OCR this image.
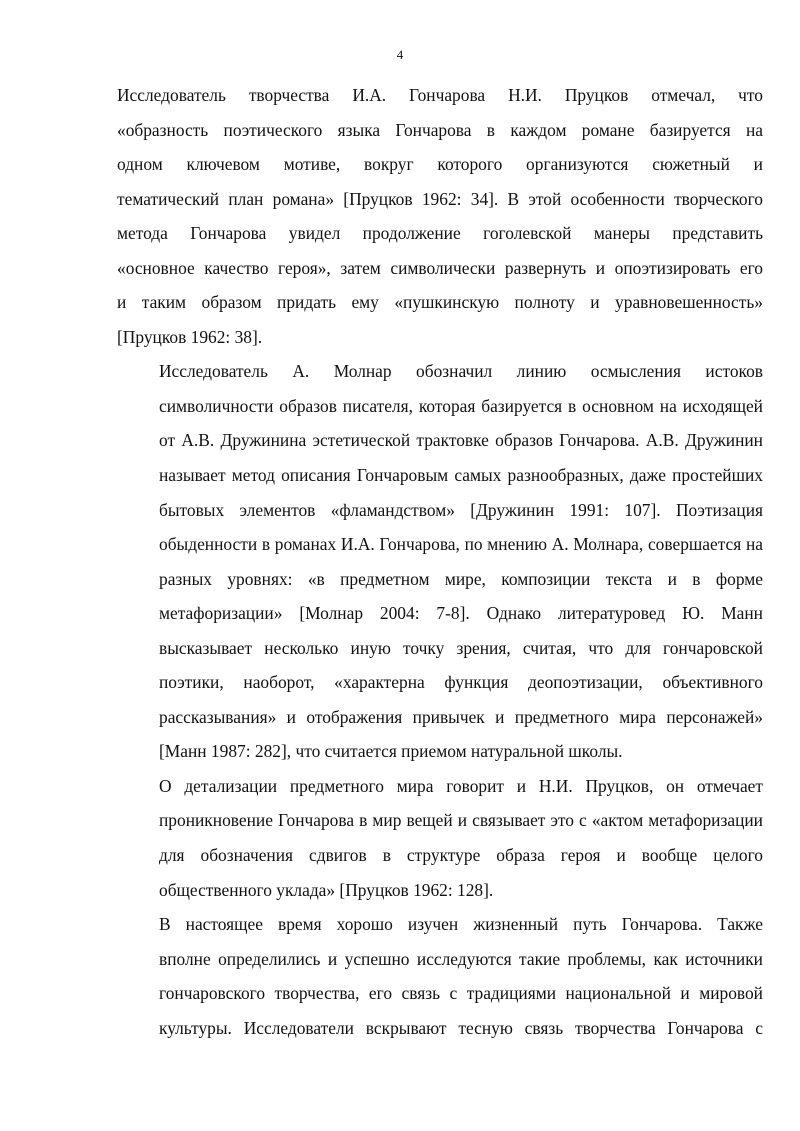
4

Исследователь творчества И.А. Гончарова Н.И. Пруцков отмечал, что
«образность поэтического языка Гончарова в каждом романе базируется на
одном ключевом мотиве, вокруг которого организуются сюжетный и
тематический план романа» [Пруцков 1962: 34]. В этой особенности творческого
метода Гончарова увидел продолжение гоголевской манеры представить
«основное качество героя», затем символически развернуть и опоэтизировать его
и таким образом придать ему «пушкинскую полноту и уравновешенность»
[Пруцков 1962: 38].

Исследователь А. Молнар обозначил линию осмысления истоков
символичности образов писателя, которая базируется в основном на исходящей
от А.В. Дружинина эстетической трактовке образов Гончарова. А.В. Дружинин
называет метод описания Гончаровым самых разнообразных, даже простейших
бытовых элементов «фламандством» [Дружинин 1991: 107]. Поэтизация
обыденности в романах И.А. Гончарова, по мнению А. Молнара, совершается на
разных уровнях: «в предметном мире, композиции текста и в форме
метафоризации» [Молнар 2004: 7-8]. Однако литературовед Ю. Манн
высказывает несколько иную точку зрения, считая, что для гончаровской
поэтики, наоборот, «характерна функция деопоэтизации, объективного
рассказывания» и отображения привычек и предметного мира персонажей»
[Манн 1987: 282], что считается приемом натуральной школы.

О детализации предметного мира говорит и Н.И. Пруцков, он отмечает
проникновение Гончарова в мир вещей и связывает это с «актом метафоризации
для обозначения сдвигов в структуре образа героя и вообще целого
общественного уклада» [Пруцков 1962: 128].

В настоящее время хорошо изучен жизненный путь Гончарова. Также
вполне определились и успешно исследуются такие проблемы, как источники
гончаровского творчества, его связь с традициями национальной и мировой
культуры. Исследователи вскрывают тесную связь творчества Гончарова с
